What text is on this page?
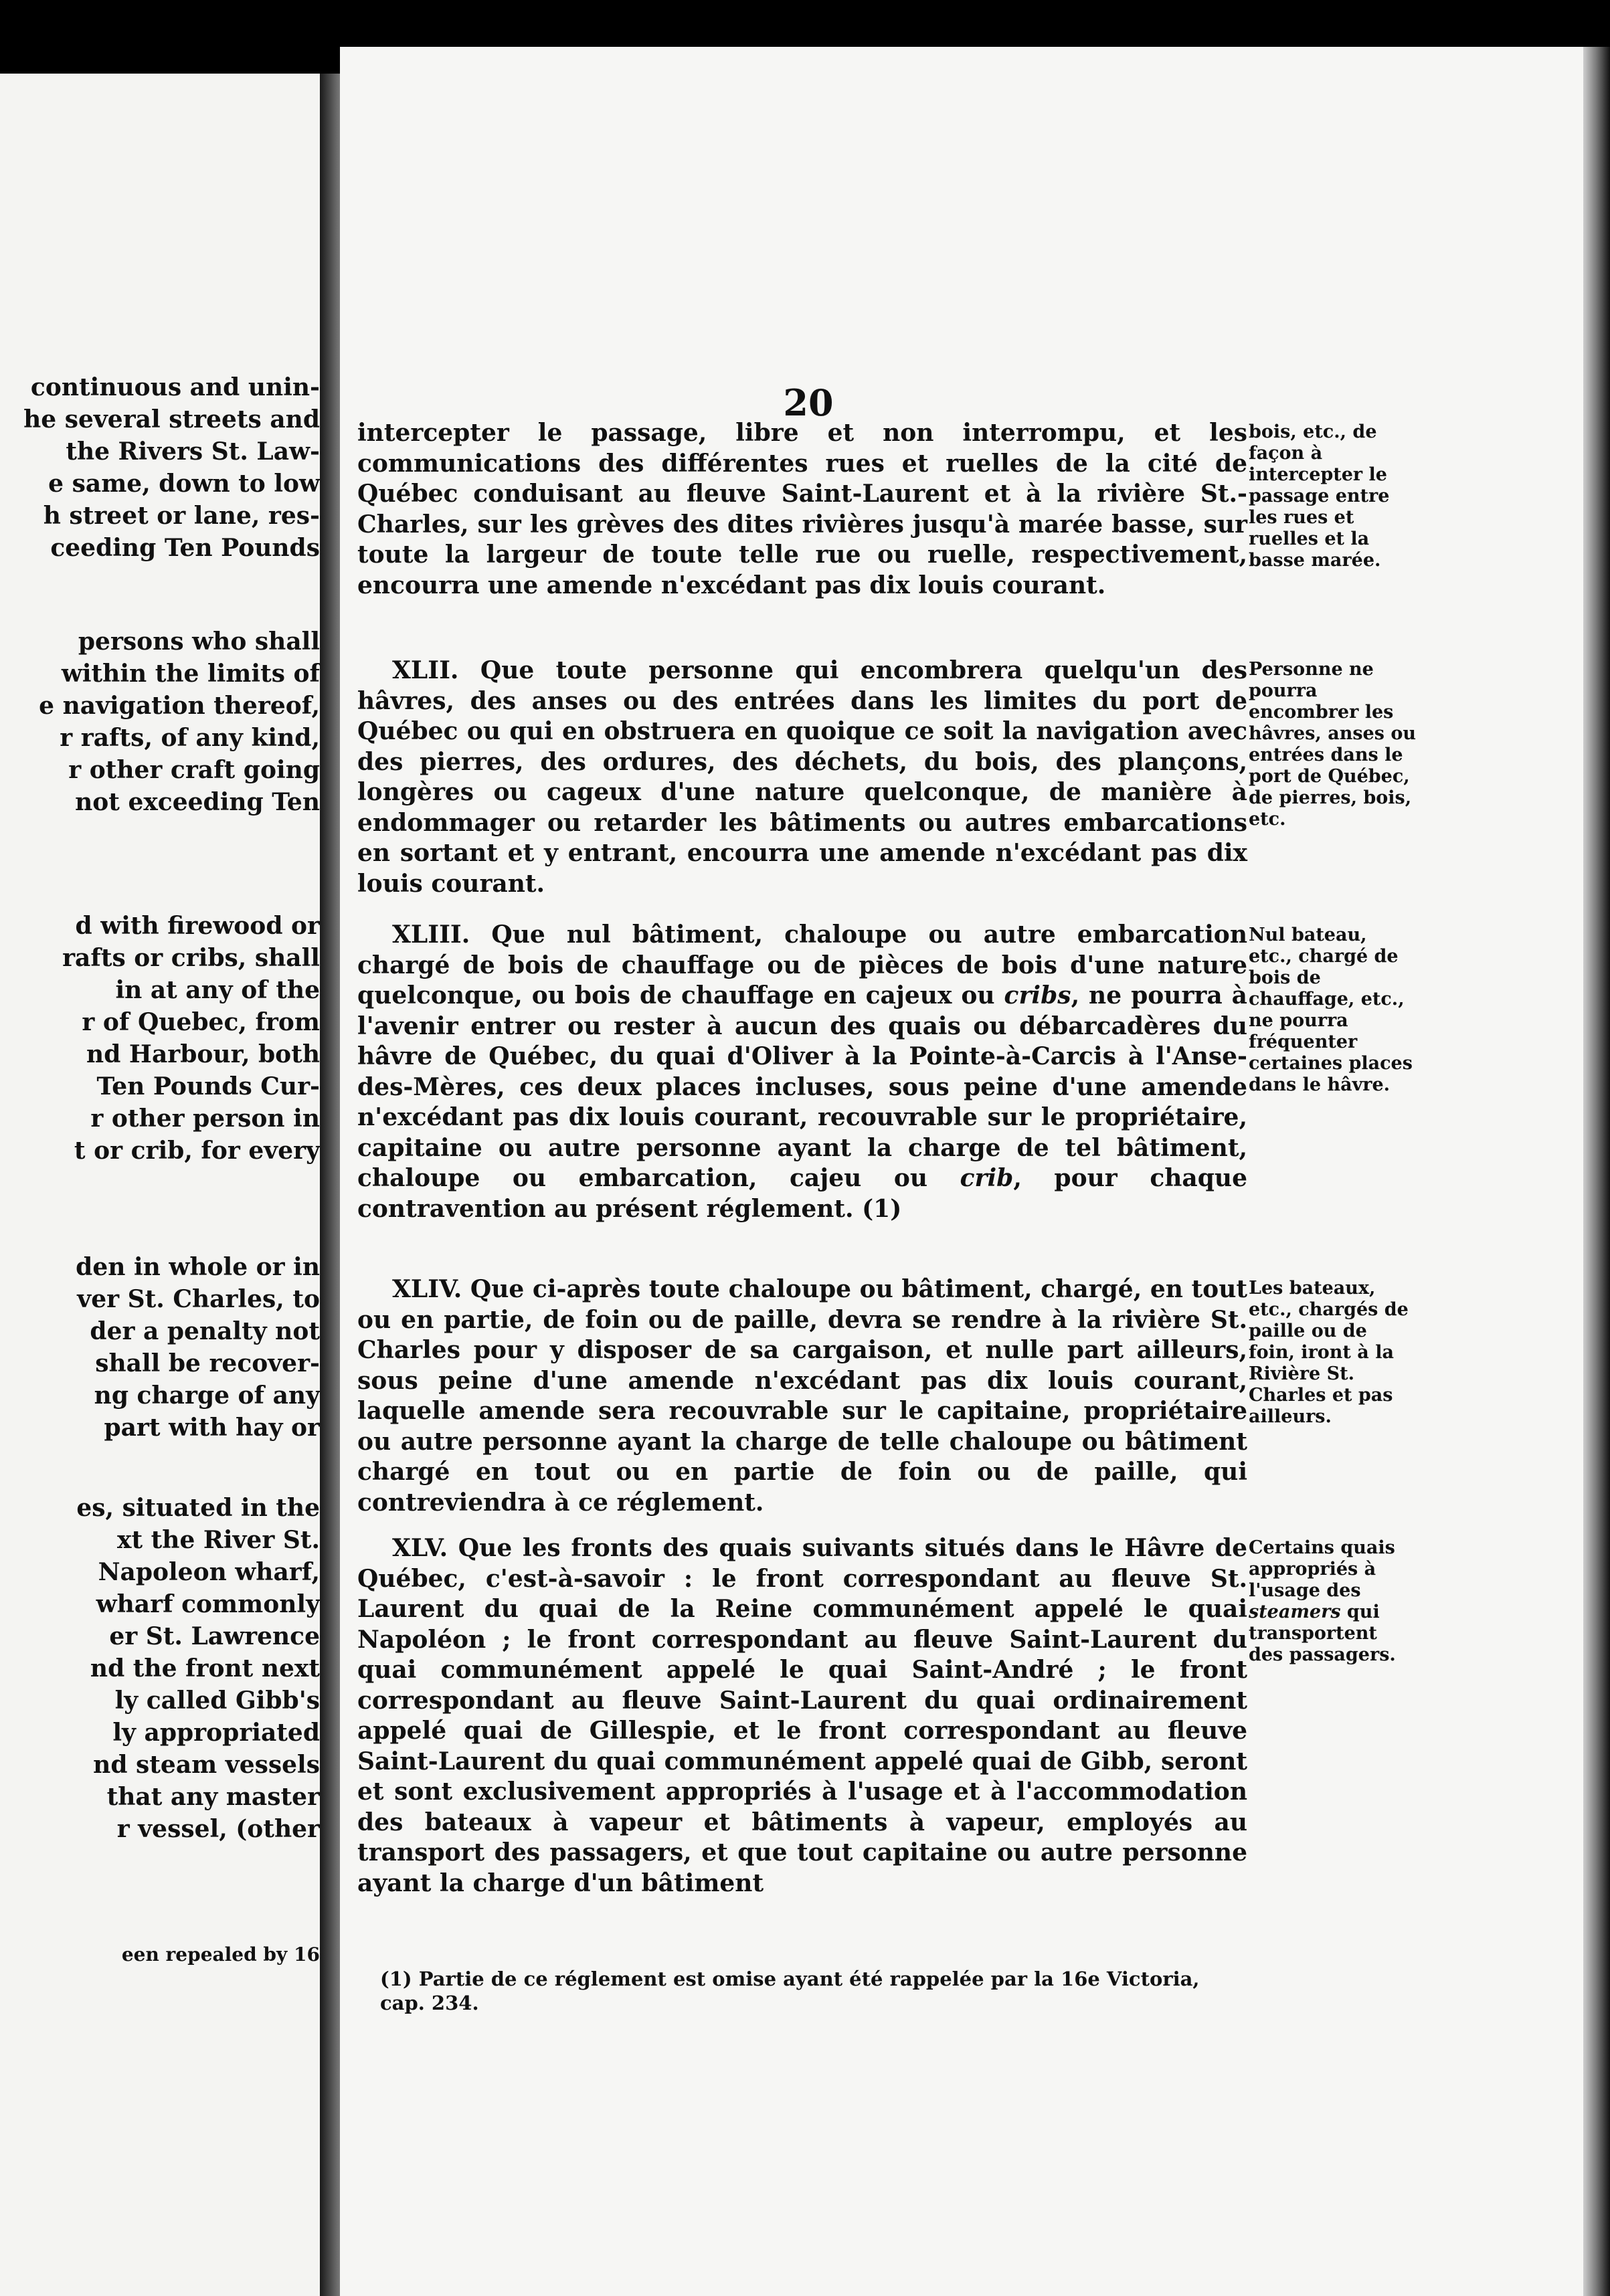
continuous and unin-
he several streets and
the Rivers St. Law-
e same, down to low
h street or lane, res-
ceeding Ten Pounds
persons who shall
within the limits of
e navigation thereof,
r rafts, of any kind,
r other craft going
not exceeding Ten
d with firewood or
rafts or cribs, shall
in at any of the
r of Quebec, from
nd Harbour, both
Ten Pounds Cur-
r other person in
t or crib, for every
den in whole or in
ver St. Charles, to
der a penalty not
shall be recover-
ng charge of any
part with hay or
es, situated in the
xt the River St.
Napoleon wharf,
wharf commonly
er St. Lawrence
nd the front next
ly called Gibb's
ly appropriated
nd steam vessels
that any master
r vessel, (other
een repealed by 16
20

intercepter le passage, libre et non interrompu, et les communications des différentes rues et ruelles de la cité de Québec conduisant au fleuve Saint-Laurent et à la rivière St.-Charles, sur les grèves des dites rivières jusqu'à marée basse, sur toute la largeur de toute telle rue ou ruelle, respectivement, encourra une amende n'excédant pas dix louis courant.

bois, etc., de façon à intercepter le passage entre les rues et ruelles et la basse marée.

XLII. Que toute personne qui encombrera quelqu'un des hâvres, des anses ou des entrées dans les limites du port de Québec ou qui en obstruera en quoique ce soit la navigation avec des pierres, des ordures, des déchets, du bois, des plançons, longères ou cageux d'une nature quelconque, de manière à endommager ou retarder les bâtiments ou autres embarcations en sortant et y entrant, encourra une amende n'excédant pas dix louis courant.

Personne ne pourra encombrer les hâvres, anses ou entrées dans le port de Québec, de pierres, bois, etc.

XLIII. Que nul bâtiment, chaloupe ou autre embarcation chargé de bois de chauffage ou de pièces de bois d'une nature quelconque, ou bois de chauffage en cajeux ou cribs, ne pourra à l'avenir entrer ou rester à aucun des quais ou débarcadères du hâvre de Québec, du quai d'Oliver à la Pointe-à-Carcis à l'Anse-des-Mères, ces deux places incluses, sous peine d'une amende n'excédant pas dix louis courant, recouvrable sur le propriétaire, capitaine ou autre personne ayant la charge de tel bâtiment, chaloupe ou embarcation, cajeu ou crib, pour chaque contravention au présent réglement. (1)

Nul bateau, etc., chargé de bois de chauffage, etc., ne pourra fréquenter certaines places dans le hâvre.

XLIV. Que ci-après toute chaloupe ou bâtiment, chargé, en tout ou en partie, de foin ou de paille, devra se rendre à la rivière St. Charles pour y disposer de sa cargaison, et nulle part ailleurs, sous peine d'une amende n'excédant pas dix louis courant, laquelle amende sera recouvrable sur le capitaine, propriétaire ou autre personne ayant la charge de telle chaloupe ou bâtiment chargé en tout ou en partie de foin ou de paille, qui contreviendra à ce réglement.

Les bateaux, etc., chargés de paille ou de foin, iront à la Rivière St. Charles et pas ailleurs.

XLV. Que les fronts des quais suivants situés dans le Hâvre de Québec, c'est-à-savoir : le front correspondant au fleuve St. Laurent du quai de la Reine communément appelé le quai Napoléon ; le front correspondant au fleuve Saint-Laurent du quai communément appelé le quai Saint-André ; le front correspondant au fleuve Saint-Laurent du quai ordinairement appelé quai de Gillespie, et le front correspondant au fleuve Saint-Laurent du quai communément appelé quai de Gibb, seront et sont exclusivement appropriés à l'usage et à l'accommodation des bateaux à vapeur et bâtiments à vapeur, employés au transport des passagers, et que tout capitaine ou autre personne ayant la charge d'un bâtiment

Certains quais appropriés à l'usage des steamers qui transportent des passagers.
(1) Partie de ce réglement est omise ayant été rappelée par la 16e Victoria, cap. 234.
